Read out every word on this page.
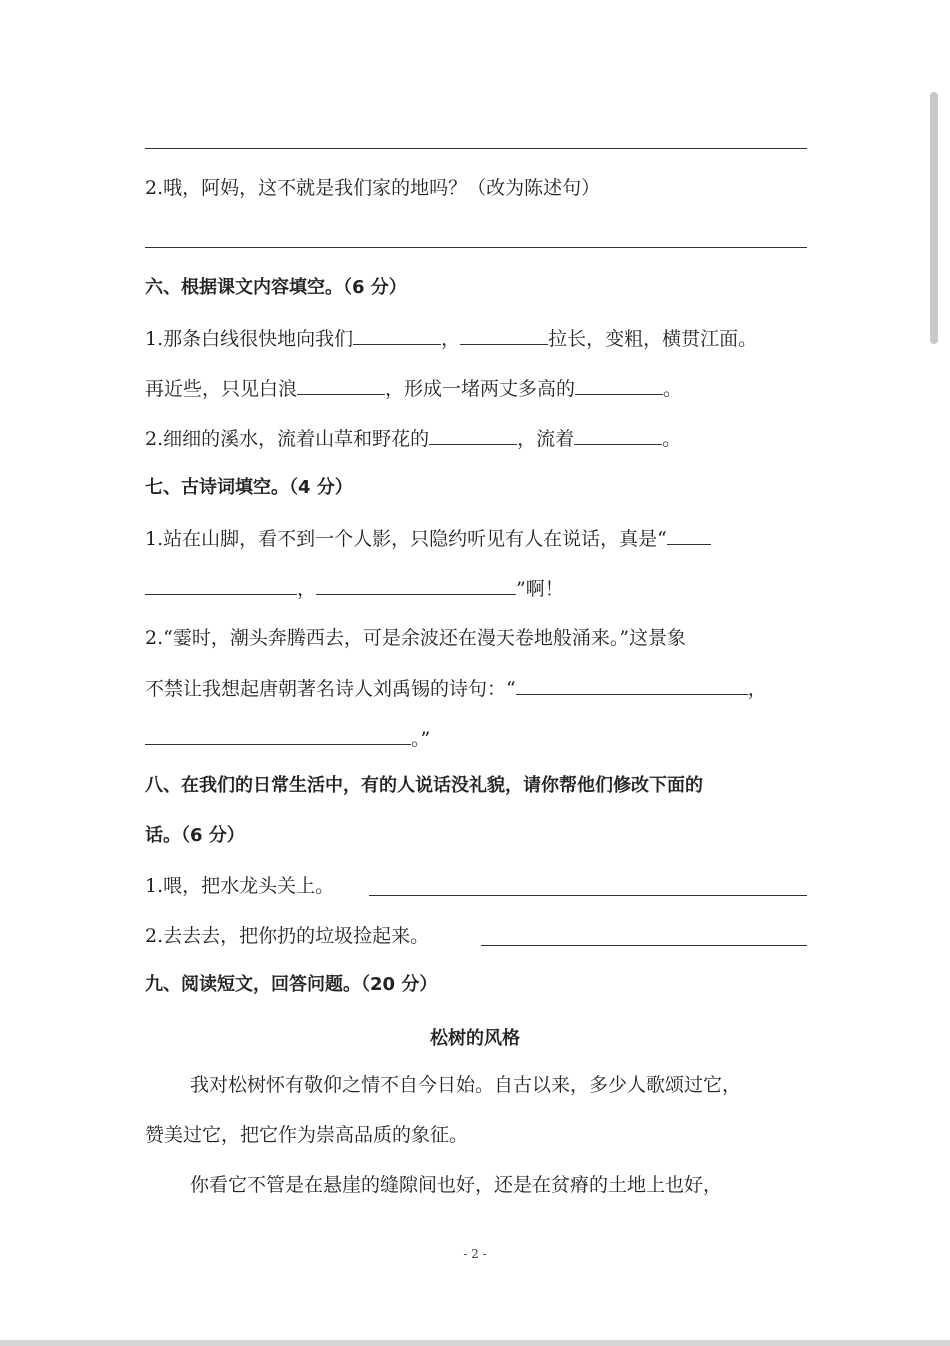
2.哦，阿妈，这不就是我们家的地吗？（改为陈述句）
六、根据课文内容填空。（6 分）
1.那条白线很快地向我们	，	拉长，变粗，横贯江面。
再近些，只见白浪	，形成一堵两丈多高的	。
2.细细的溪水，流着山草和野花的	，流着	。
七、古诗词填空。（4 分）
1.站在山脚，看不到一个人影，只隐约听见有人在说话，真是“
，	”啊！
2.“霎时，潮头奔腾西去，可是余波还在漫天卷地般涌来。”这景象
不禁让我想起唐朝著名诗人刘禹锡的诗句：“	，
。”
八、在我们的日常生活中，有的人说话没礼貌，请你帮他们修改下面的
话。（6 分）
1.喂，把水龙头关上。
2.去去去，把你扔的垃圾捡起来。
九、阅读短文，回答问题。（20 分）
松树的风格
我对松树怀有敬仰之情不自今日始。自古以来，多少人歌颂过它，
赞美过它，把它作为崇高品质的象征。
你看它不管是在悬崖的缝隙间也好，还是在贫瘠的土地上也好，
- 2 -
